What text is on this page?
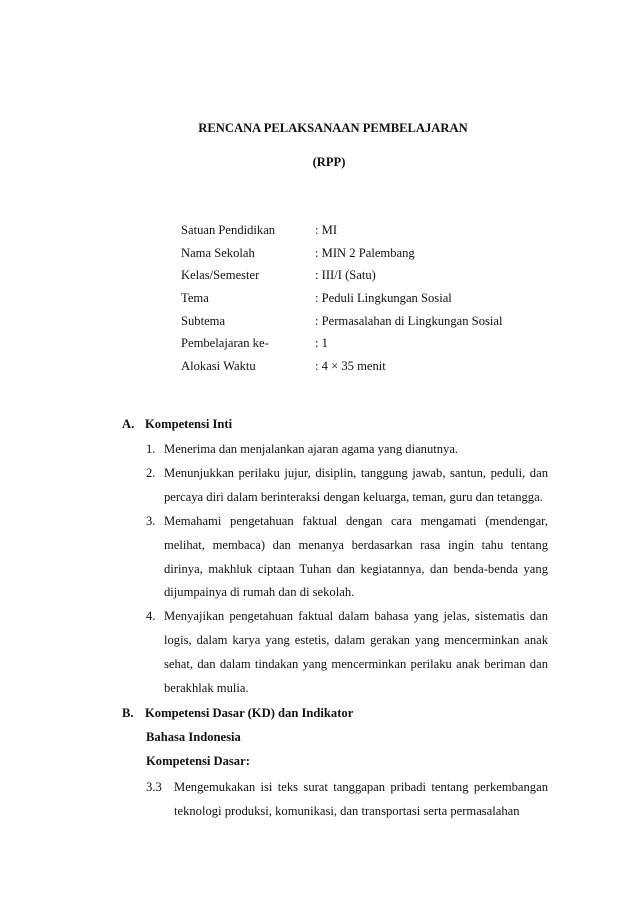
RENCANA PELAKSANAAN PEMBELAJARAN
(RPP)
Satuan Pendidikan	: MI
Nama Sekolah	: MIN 2 Palembang
Kelas/Semester	: III/I (Satu)
Tema	: Peduli Lingkungan Sosial
Subtema	: Permasalahan di Lingkungan Sosial
Pembelajaran ke-	: 1
Alokasi Waktu	: 4 × 35 menit
A. Kompetensi Inti
1. Menerima dan menjalankan ajaran agama yang dianutnya.
2. Menunjukkan perilaku jujur, disiplin, tanggung jawab, santun, peduli, dan percaya diri dalam berinteraksi dengan keluarga, teman, guru dan tetangga.
3. Memahami pengetahuan faktual dengan cara mengamati (mendengar, melihat, membaca) dan menanya berdasarkan rasa ingin tahu tentang dirinya, makhluk ciptaan Tuhan dan kegiatannya, dan benda-benda yang dijumpainya di rumah dan di sekolah.
4. Menyajikan pengetahuan faktual dalam bahasa yang jelas, sistematis dan logis, dalam karya yang estetis, dalam gerakan yang mencerminkan anak sehat, dan dalam tindakan yang mencerminkan perilaku anak beriman dan berakhlak mulia.
B. Kompetensi Dasar (KD) dan Indikator
Bahasa Indonesia
Kompetensi Dasar:
3.3 Mengemukakan isi teks surat tanggapan pribadi tentang perkembangan teknologi produksi, komunikasi, dan transportasi serta permasalahan
